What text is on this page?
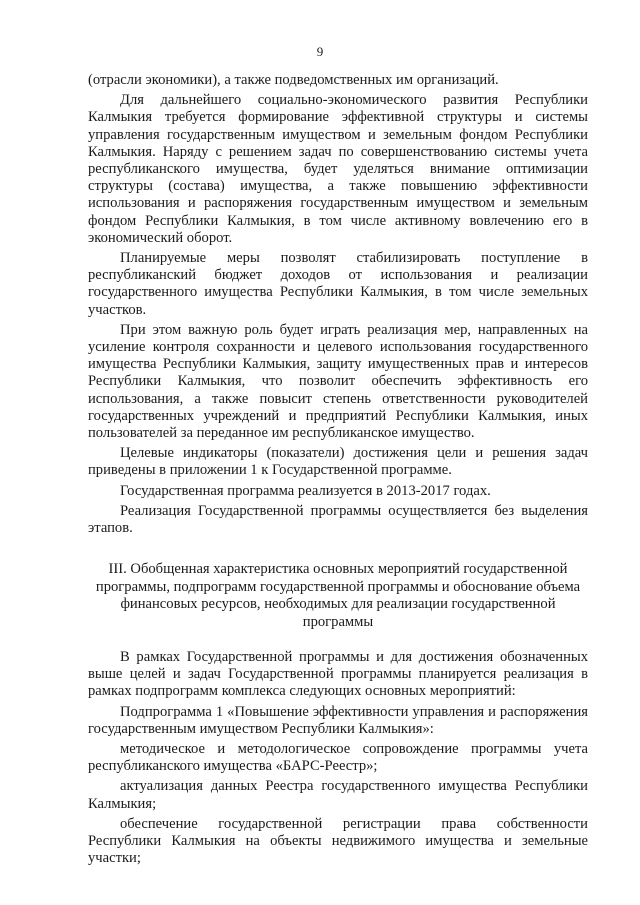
9

(отрасли экономики), а также подведомственных им организаций.

Для дальнейшего социально-экономического развития Республики Калмыкия требуется формирование эффективной структуры и системы управления государственным имуществом и земельным фондом Республики Калмыкия. Наряду с решением задач по совершенствованию системы учета республиканского имущества, будет уделяться внимание оптимизации структуры (состава) имущества, а также повышению эффективности использования и распоряжения государственным имуществом и земельным фондом Республики Калмыкия, в том числе активному вовлечению его в экономический оборот.

Планируемые меры позволят стабилизировать поступление в республиканский бюджет доходов от использования и реализации государственного имущества Республики Калмыкия, в том числе земельных участков.

При этом важную роль будет играть реализация мер, направленных на усиление контроля сохранности и целевого использования государственного имущества Республики Калмыкия, защиту имущественных прав и интересов Республики Калмыкия, что позволит обеспечить эффективность его использования, а также повысит степень ответственности руководителей государственных учреждений и предприятий Республики Калмыкия, иных пользователей за переданное им республиканское имущество.

Целевые индикаторы (показатели) достижения цели и решения задач приведены в приложении 1 к Государственной программе.

Государственная программа реализуется в 2013-2017 годах.

Реализация Государственной программы осуществляется без выделения этапов.

III. Обобщенная характеристика основных мероприятий государственной программы, подпрограмм государственной программы и обоснование объема финансовых ресурсов, необходимых для реализации государственной программы

В рамках Государственной программы и для достижения обозначенных выше целей и задач Государственной программы планируется реализация в рамках подпрограмм комплекса следующих основных мероприятий:

Подпрограмма 1 «Повышение эффективности управления и распоряжения государственным имуществом Республики Калмыкия»:

методическое и методологическое сопровождение программы учета республиканского имущества «БАРС-Реестр»;

актуализация данных Реестра государственного имущества Республики Калмыкия;

обеспечение государственной регистрации права собственности Республики Калмыкия на объекты недвижимого имущества и земельные участки;
